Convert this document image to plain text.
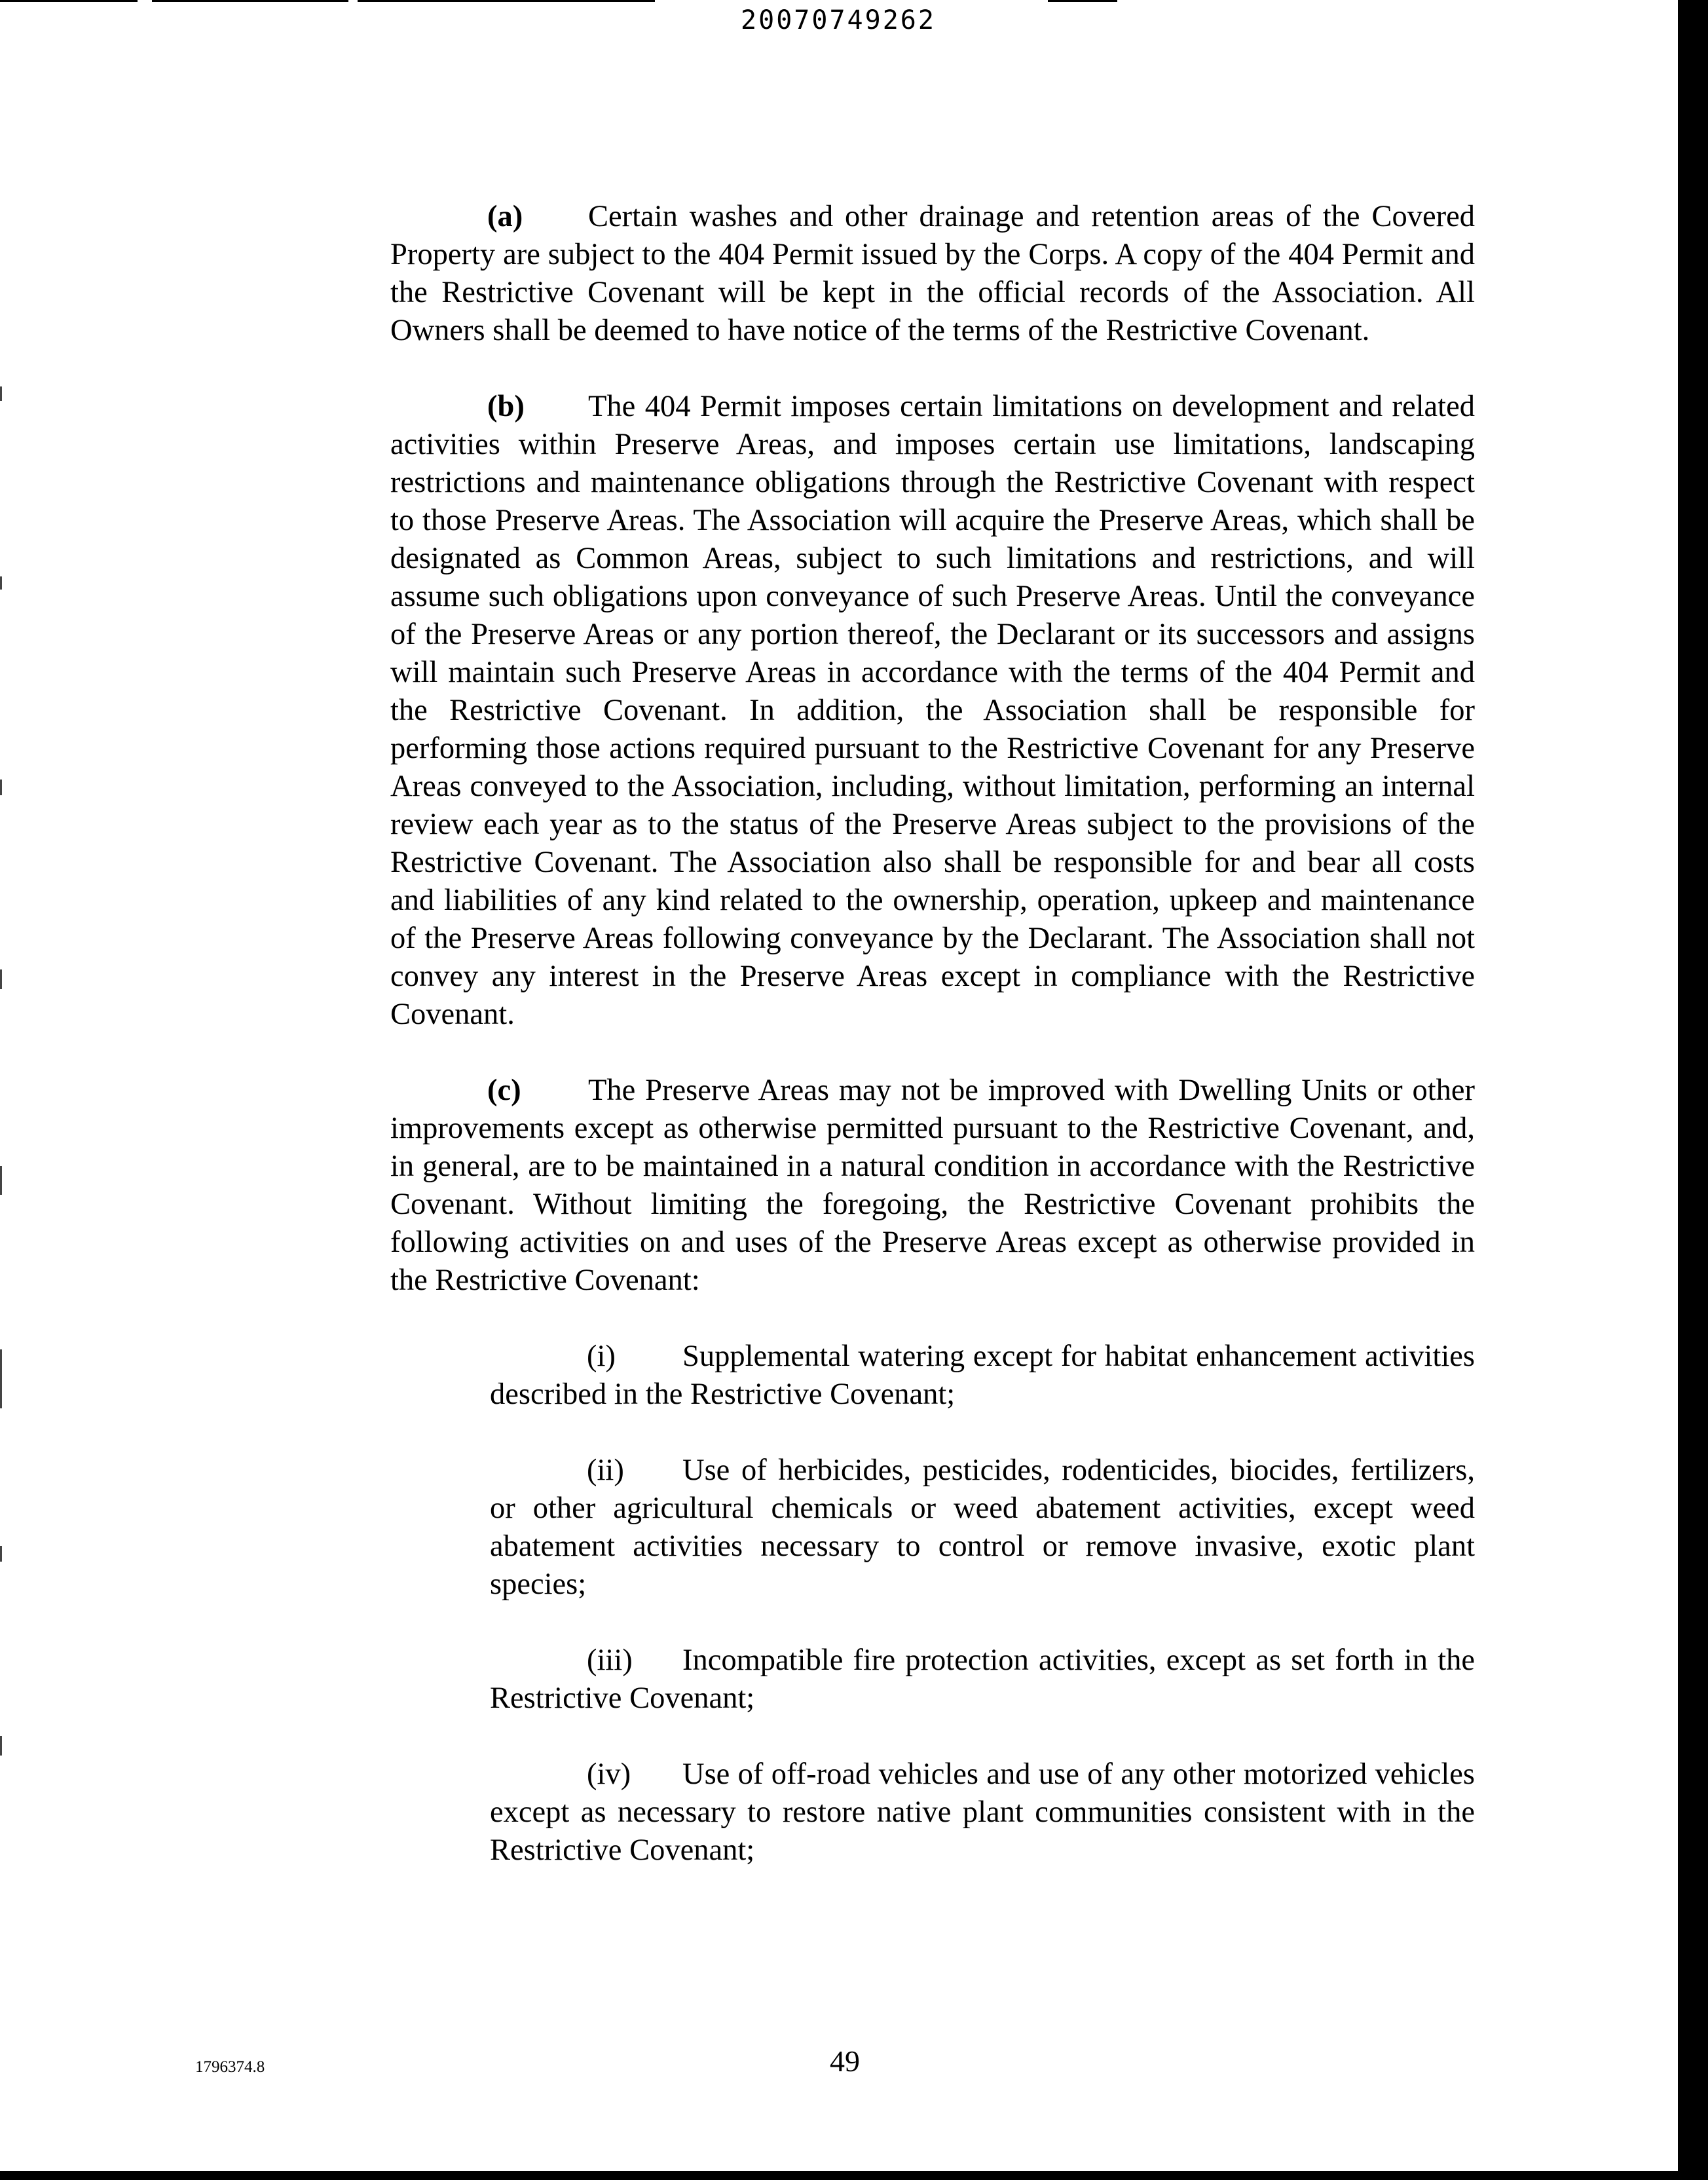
20070749262

(a) Certain washes and other drainage and retention areas of the Covered Property are subject to the 404 Permit issued by the Corps. A copy of the 404 Permit and the Restrictive Covenant will be kept in the official records of the Association. All Owners shall be deemed to have notice of the terms of the Restrictive Covenant.

(b) The 404 Permit imposes certain limitations on development and related activities within Preserve Areas, and imposes certain use limitations, landscaping restrictions and maintenance obligations through the Restrictive Covenant with respect to those Preserve Areas. The Association will acquire the Preserve Areas, which shall be designated as Common Areas, subject to such limitations and restrictions, and will assume such obligations upon conveyance of such Preserve Areas. Until the conveyance of the Preserve Areas or any portion thereof, the Declarant or its successors and assigns will maintain such Preserve Areas in accordance with the terms of the 404 Permit and the Restrictive Covenant. In addition, the Association shall be responsible for performing those actions required pursuant to the Restrictive Covenant for any Preserve Areas conveyed to the Association, including, without limitation, performing an internal review each year as to the status of the Preserve Areas subject to the provisions of the Restrictive Covenant. The Association also shall be responsible for and bear all costs and liabilities of any kind related to the ownership, operation, upkeep and maintenance of the Preserve Areas following conveyance by the Declarant. The Association shall not convey any interest in the Preserve Areas except in compliance with the Restrictive Covenant.

(c) The Preserve Areas may not be improved with Dwelling Units or other improvements except as otherwise permitted pursuant to the Restrictive Covenant, and, in general, are to be maintained in a natural condition in accordance with the Restrictive Covenant. Without limiting the foregoing, the Restrictive Covenant prohibits the following activities on and uses of the Preserve Areas except as otherwise provided in the Restrictive Covenant:

(i) Supplemental watering except for habitat enhancement activities described in the Restrictive Covenant;

(ii) Use of herbicides, pesticides, rodenticides, biocides, fertilizers, or other agricultural chemicals or weed abatement activities, except weed abatement activities necessary to control or remove invasive, exotic plant species;

(iii) Incompatible fire protection activities, except as set forth in the Restrictive Covenant;

(iv) Use of off-road vehicles and use of any other motorized vehicles except as necessary to restore native plant communities consistent with in the Restrictive Covenant;

1796374.8	49
